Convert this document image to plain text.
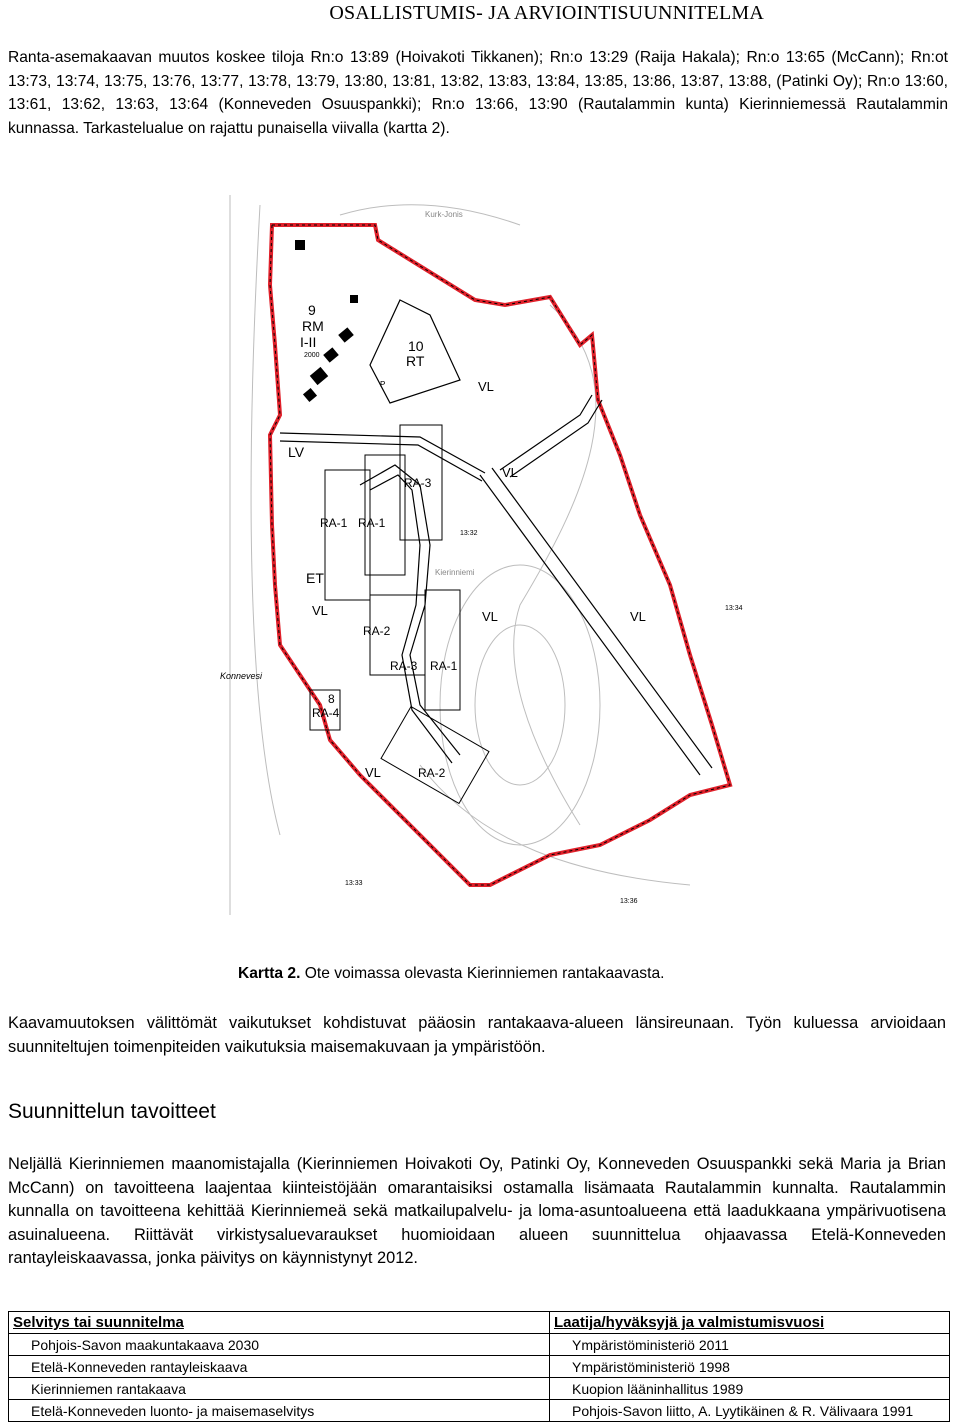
OSALLISTUMIS- JA ARVIOINTISUUNNITELMA
Ranta-asemakaavan muutos koskee tiloja Rn:o 13:89 (Hoivakoti Tikkanen); Rn:o 13:29 (Raija Hakala); Rn:o 13:65 (McCann); Rn:ot 13:73, 13:74, 13:75, 13:76, 13:77, 13:78, 13:79, 13:80, 13:81, 13:82, 13:83, 13:84, 13:85, 13:86, 13:87, 13:88, (Patinki Oy); Rn:o 13:60, 13:61, 13:62, 13:63, 13:64 (Konneveden Osuuspankki); Rn:o 13:66, 13:90 (Rautalammin kunta) Kierinniemessä Rautalammin kunnassa. Tarkastelualue on rajattu punaisella viivalla (kartta 2).
9
RM
I-II
2000
10
RT
P
LV
ET
VL
VL
VL	VL
VL
VL
RA-3
RA-1 RA-1
RA-2
RA-3 RA-1
8
RA-4
RA-2
Konnevesi
Kurk-Jonis
Kierinniemi
13:32
13:34
13:36
13:33
Kartta 2. Ote voimassa olevasta Kierinniemen rantakaavasta.
Kaavamuutoksen välittömät vaikutukset kohdistuvat pääosin rantakaava-alueen länsireunaan. Työn kuluessa arvioidaan suunniteltujen toimenpiteiden vaikutuksia maisemakuvaan ja ympäristöön.
Suunnittelun tavoitteet
Neljällä Kierinniemen maanomistajalla (Kierinniemen Hoivakoti Oy, Patinki Oy, Konneveden Osuuspankki sekä Maria ja Brian McCann) on tavoitteena laajentaa kiinteistöjään omarantaisiksi ostamalla lisämaata Rautalammin kunnalta. Rautalammin kunnalla on tavoitteena kehittää Kierinniemeä sekä matkailupalvelu- ja loma-asuntoalueena että laadukkaana ympärivuotisena asuinalueena. Riittävät virkistysaluevaraukset huomioidaan alueen suunnittelua ohjaavassa Etelä-Konneveden rantayleiskaavassa, jonka päivitys on käynnistynyt 2012.
Selvitys tai suunnitelma	Laatija/hyväksyjä ja valmistumisvuosi
Pohjois-Savon maakuntakaava 2030	Ympäristöministeriö 2011
Etelä-Konneveden rantayleiskaava	Ympäristöministeriö 1998
Kierinniemen rantakaava	Kuopion lääninhallitus 1989
Etelä-Konneveden luonto- ja maisemaselvitys	Pohjois-Savon liitto, A. Lyytikäinen & R. Välivaara 1991
